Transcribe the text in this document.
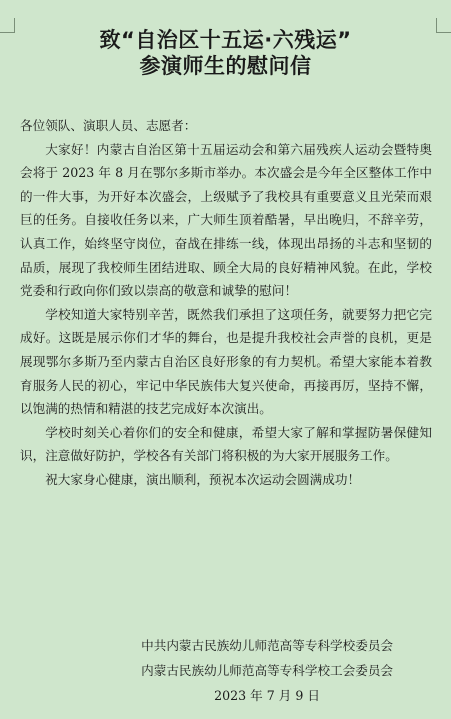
致“自治区十五运·六残运”
参演师生的慰问信

各位领队、演职人员、志愿者：

大家好！内蒙古自治区第十五届运动会和第六届残疾人运动会暨特奥会将于 2023 年 8 月在鄂尔多斯市举办。本次盛会是今年全区整体工作中的一件大事，为开好本次盛会，上级赋予了我校具有重要意义且光荣而艰巨的任务。自接收任务以来，广大师生顶着酷暑，早出晚归，不辞辛劳，认真工作，始终坚守岗位，奋战在排练一线，体现出昂扬的斗志和坚韧的品质，展现了我校师生团结进取、顾全大局的良好精神风貌。在此，学校党委和行政向你们致以崇高的敬意和诚挚的慰问！

学校知道大家特别辛苦，既然我们承担了这项任务，就要努力把它完成好。这既是展示你们才华的舞台，也是提升我校社会声誉的良机，更是展现鄂尔多斯乃至内蒙古自治区良好形象的有力契机。希望大家能本着教育服务人民的初心，牢记中华民族伟大复兴使命，再接再厉，坚持不懈，以饱满的热情和精湛的技艺完成好本次演出。

学校时刻关心着你们的安全和健康，希望大家了解和掌握防暑保健知识，注意做好防护，学校各有关部门将积极的为大家开展服务工作。

祝大家身心健康，演出顺利，预祝本次运动会圆满成功！

中共内蒙古民族幼儿师范高等专科学校委员会
内蒙古民族幼儿师范高等专科学校工会委员会
2023 年 7 月 9 日
